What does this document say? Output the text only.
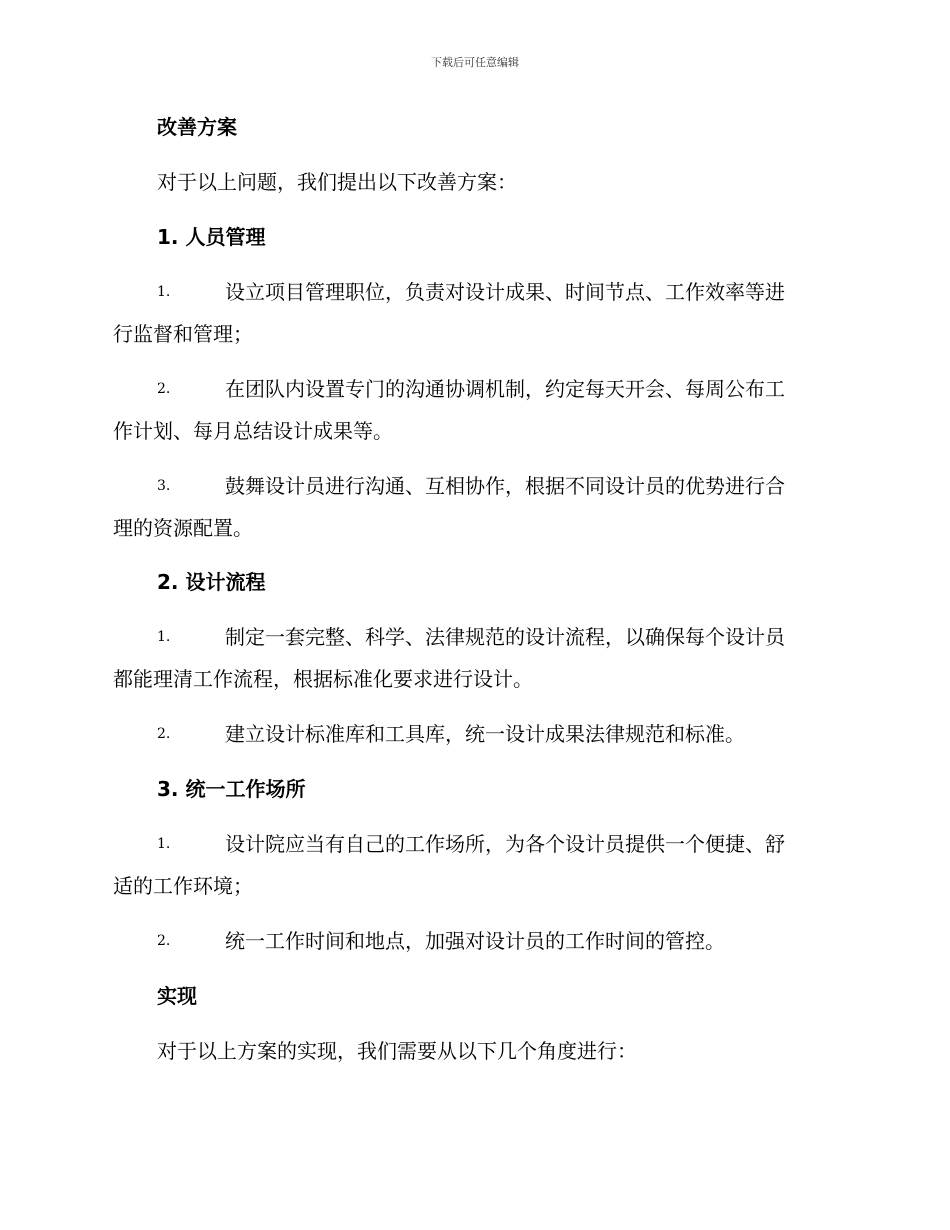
下载后可任意编辑
改善方案
对于以上问题，我们提出以下改善方案：
1. 人员管理
1.	设立项目管理职位，负责对设计成果、时间节点、工作效率等进
行监督和管理；
2.	在团队内设置专门的沟通协调机制，约定每天开会、每周公布工
作计划、每月总结设计成果等。
3.	鼓舞设计员进行沟通、互相协作，根据不同设计员的优势进行合
理的资源配置。
2. 设计流程
1.	制定一套完整、科学、法律规范的设计流程，以确保每个设计员
都能理清工作流程，根据标准化要求进行设计。
2.	建立设计标准库和工具库，统一设计成果法律规范和标准。
3. 统一工作场所
1.	设计院应当有自己的工作场所，为各个设计员提供一个便捷、舒
适的工作环境；
2.	统一工作时间和地点，加强对设计员的工作时间的管控。
实现
对于以上方案的实现，我们需要从以下几个角度进行：
